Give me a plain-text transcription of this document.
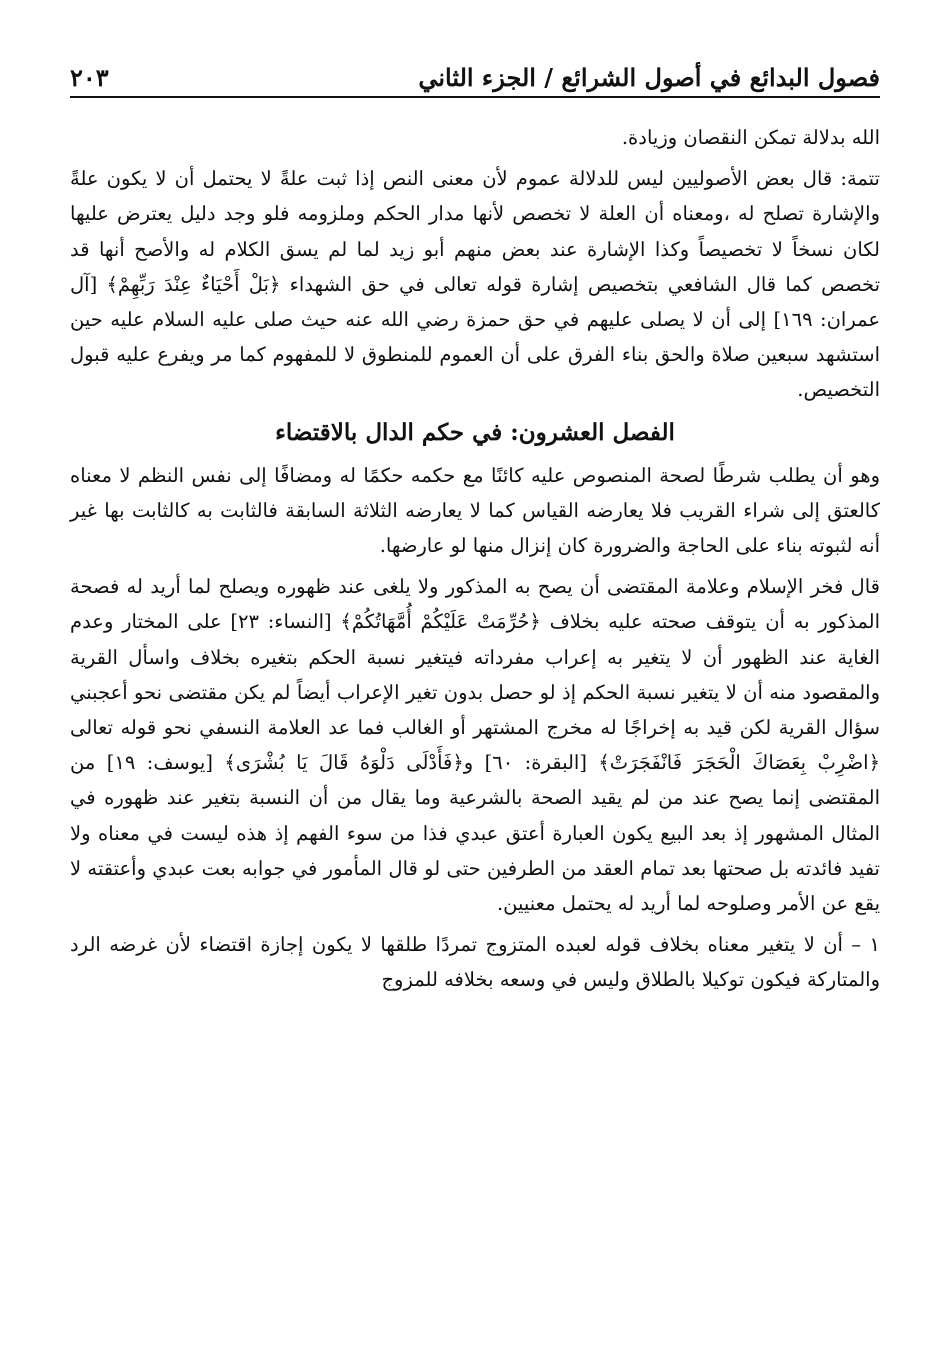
فصول البدائع في أصول الشرائع / الجزء الثاني
٢٠٣

الله بدلالة تمكن النقصان وزيادة.

تتمة: قال بعض الأصوليين ليس للدلالة عموم لأن معنى النص إذا ثبت علةً لا يحتمل أن لا يكون علةً والإشارة تصلح له ،ومعناه أن العلة لا تخصص لأنها مدار الحكم وملزومه فلو وجد دليل يعترض عليها لكان نسخاً لا تخصيصاً وكذا الإشارة عند بعض منهم أبو زيد لما لم يسق الكلام له والأصح أنها قد تخصص كما قال الشافعي بتخصيص إشارة قوله تعالى في حق الشهداء ﴿بَلْ أَحْيَاءٌ عِنْدَ رَبِّهِمْ﴾ [آل عمران: ١٦٩] إلى أن لا يصلى عليهم في حق حمزة رضي الله عنه حيث صلى عليه السلام عليه حين استشهد سبعين صلاة والحق بناء الفرق على أن العموم للمنطوق لا للمفهوم كما مر ويفرع عليه قبول التخصيص.

الفصل العشرون: في حكم الدال بالاقتضاء

وهو أن يطلب شرطًا لصحة المنصوص عليه كائنًا مع حكمه حكمًا له ومضافًا إلى نفس النظم لا معناه كالعتق إلى شراء القريب فلا يعارضه القياس كما لا يعارضه الثلاثة السابقة فالثابت به كالثابت بها غير أنه لثبوته بناء على الحاجة والضرورة كان إنزال منها لو عارضها.

قال فخر الإسلام وعلامة المقتضى أن يصح به المذكور ولا يلغى عند ظهوره ويصلح لما أريد له فصحة المذكور به أن يتوقف صحته عليه بخلاف ﴿حُرِّمَتْ عَلَيْكُمْ أُمَّهَاتُكُمْ﴾ [النساء: ٢٣] على المختار وعدم الغاية عند الظهور أن لا يتغير به إعراب مفرداته فيتغير نسبة الحكم بتغيره بخلاف واسأل القرية والمقصود منه أن لا يتغير نسبة الحكم إذ لو حصل بدون تغير الإعراب أيضاً لم يكن مقتضى نحو أعجبني سؤال القرية لكن قيد به إخراجًا له مخرج المشتهر أو الغالب فما عد العلامة النسفي نحو قوله تعالى ﴿اضْرِبْ بِعَصَاكَ الْحَجَرَ فَانْفَجَرَتْ﴾ [البقرة: ٦٠] و﴿فَأَدْلَى دَلْوَهُ قَالَ يَا بُشْرَى﴾ [يوسف: ١٩] من المقتضى إنما يصح عند من لم يقيد الصحة بالشرعية وما يقال من أن النسبة بتغير عند ظهوره في المثال المشهور إذ بعد البيع يكون العبارة أعتق عبدي فذا من سوء الفهم إذ هذه ليست في معناه ولا تفيد فائدته بل صحتها بعد تمام العقد من الطرفين حتى لو قال المأمور في جوابه بعت عبدي وأعتقته لا يقع عن الأمر وصلوحه لما أريد له يحتمل معنيين.

١ – أن لا يتغير معناه بخلاف قوله لعبده المتزوج تمردًا طلقها لا يكون إجازة اقتضاء لأن غرضه الرد والمتاركة فيكون توكيلا بالطلاق وليس في وسعه بخلافه للمزوج
